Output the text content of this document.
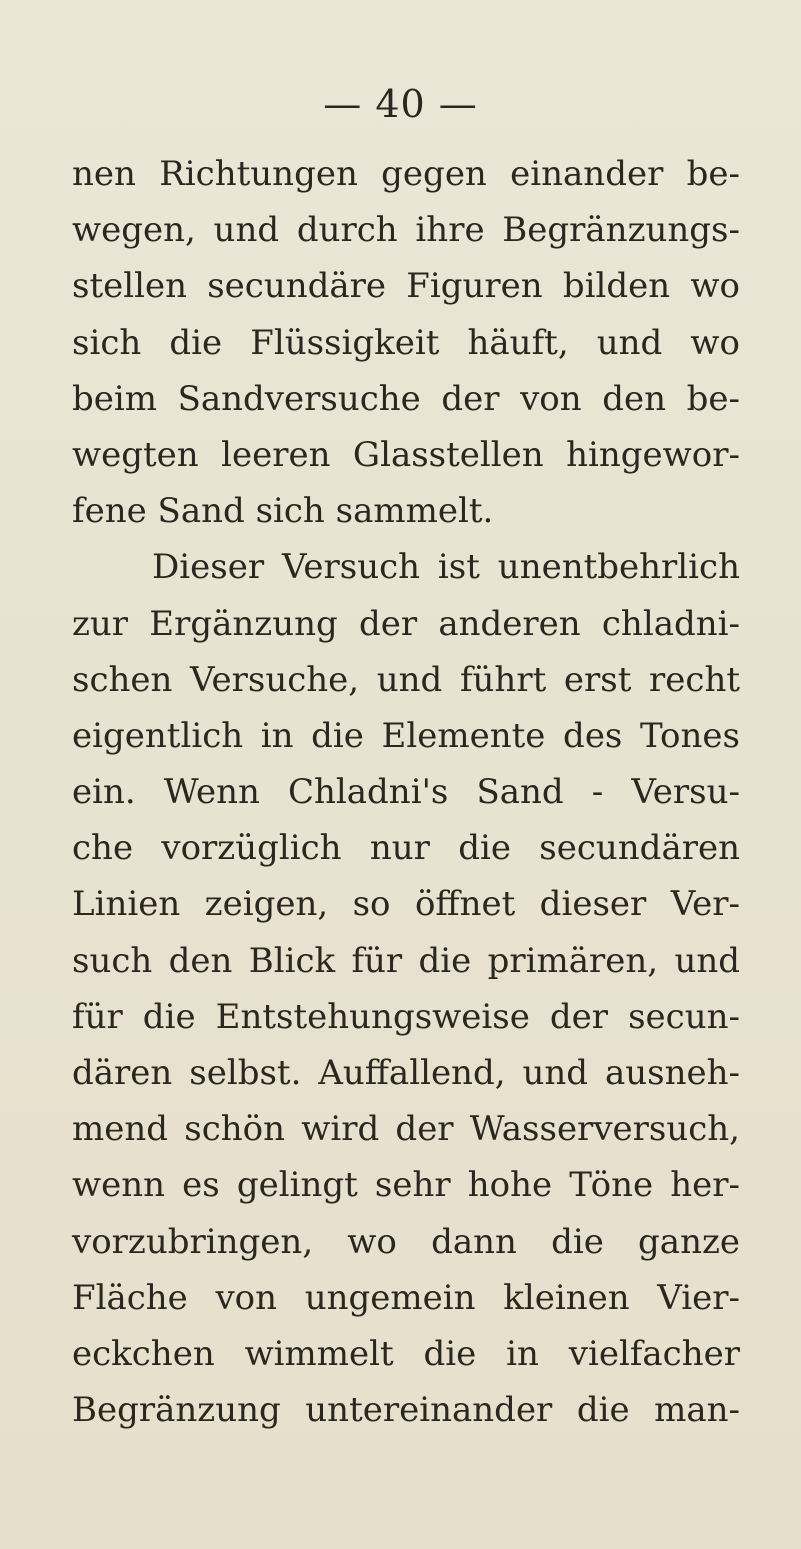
— 40 —
nen Richtungen gegen einander be-
wegen, und durch ihre Begränzungs-
stellen secundäre Figuren bilden wo
sich die Flüssigkeit häuft, und wo
beim Sandversuche der von den be-
wegten leeren Glasstellen hingewor-
fene Sand sich sammelt.
Dieser Versuch ist unentbehrlich
zur Ergänzung der anderen chladni-
schen Versuche, und führt erst recht
eigentlich in die Elemente des Tones
ein. Wenn Chladni's Sand - Versu-
che vorzüglich nur die secundären
Linien zeigen, so öffnet dieser Ver-
such den Blick für die primären, und
für die Entstehungsweise der secun-
dären selbst. Auffallend, und ausneh-
mend schön wird der Wasserversuch,
wenn es gelingt sehr hohe Töne her-
vorzubringen, wo dann die ganze
Fläche von ungemein kleinen Vier-
eckchen wimmelt die in vielfacher
Begränzung untereinander die man-
